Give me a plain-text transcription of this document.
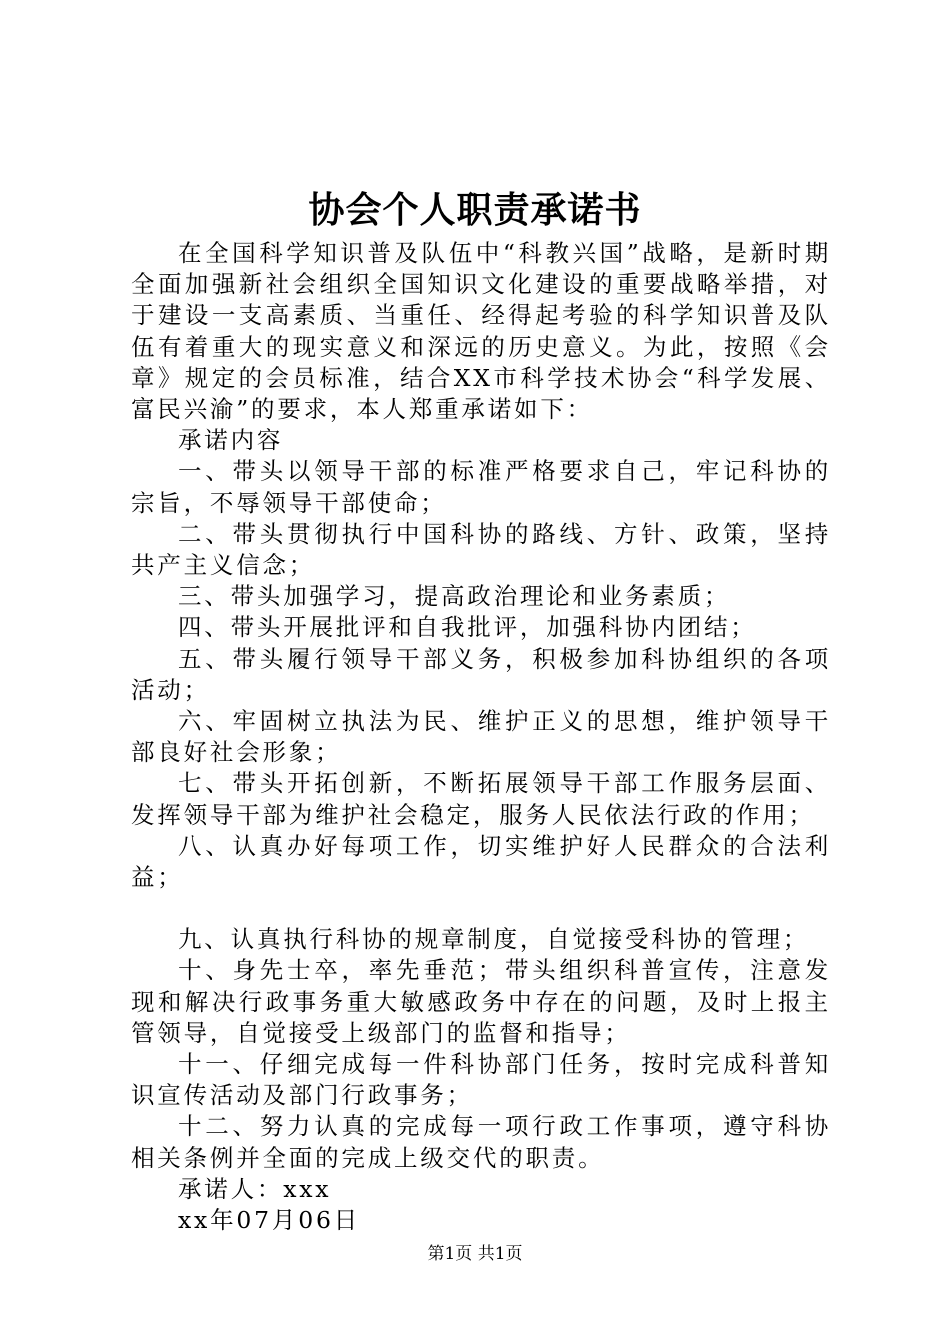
协会个人职责承诺书

在全国科学知识普及队伍中“科教兴国”战略，是新时期全面加强新社会组织全国知识文化建设的重要战略举措，对于建设一支高素质、当重任、经得起考验的科学知识普及队伍有着重大的现实意义和深远的历史意义。为此，按照《会章》规定的会员标准，结合XX市科学技术协会“科学发展、富民兴渝”的要求，本人郑重承诺如下：

承诺内容

一、带头以领导干部的标准严格要求自己，牢记科协的宗旨，不辱领导干部使命；

二、带头贯彻执行中国科协的路线、方针、政策，坚持共产主义信念；

三、带头加强学习，提高政治理论和业务素质；

四、带头开展批评和自我批评，加强科协内团结；

五、带头履行领导干部义务，积极参加科协组织的各项活动；

六、牢固树立执法为民、维护正义的思想，维护领导干部良好社会形象；

七、带头开拓创新，不断拓展领导干部工作服务层面、发挥领导干部为维护社会稳定，服务人民依法行政的作用；

八、认真办好每项工作，切实维护好人民群众的合法利益；

九、认真执行科协的规章制度，自觉接受科协的管理；

十、身先士卒，率先垂范；带头组织科普宣传，注意发现和解决行政事务重大敏感政务中存在的问题，及时上报主管领导，自觉接受上级部门的监督和指导；

十一、仔细完成每一件科协部门任务，按时完成科普知识宣传活动及部门行政事务；

十二、努力认真的完成每一项行政工作事项，遵守科协相关条例并全面的完成上级交代的职责。

承诺人：xxx

xx年07月06日

第1页 共1页
